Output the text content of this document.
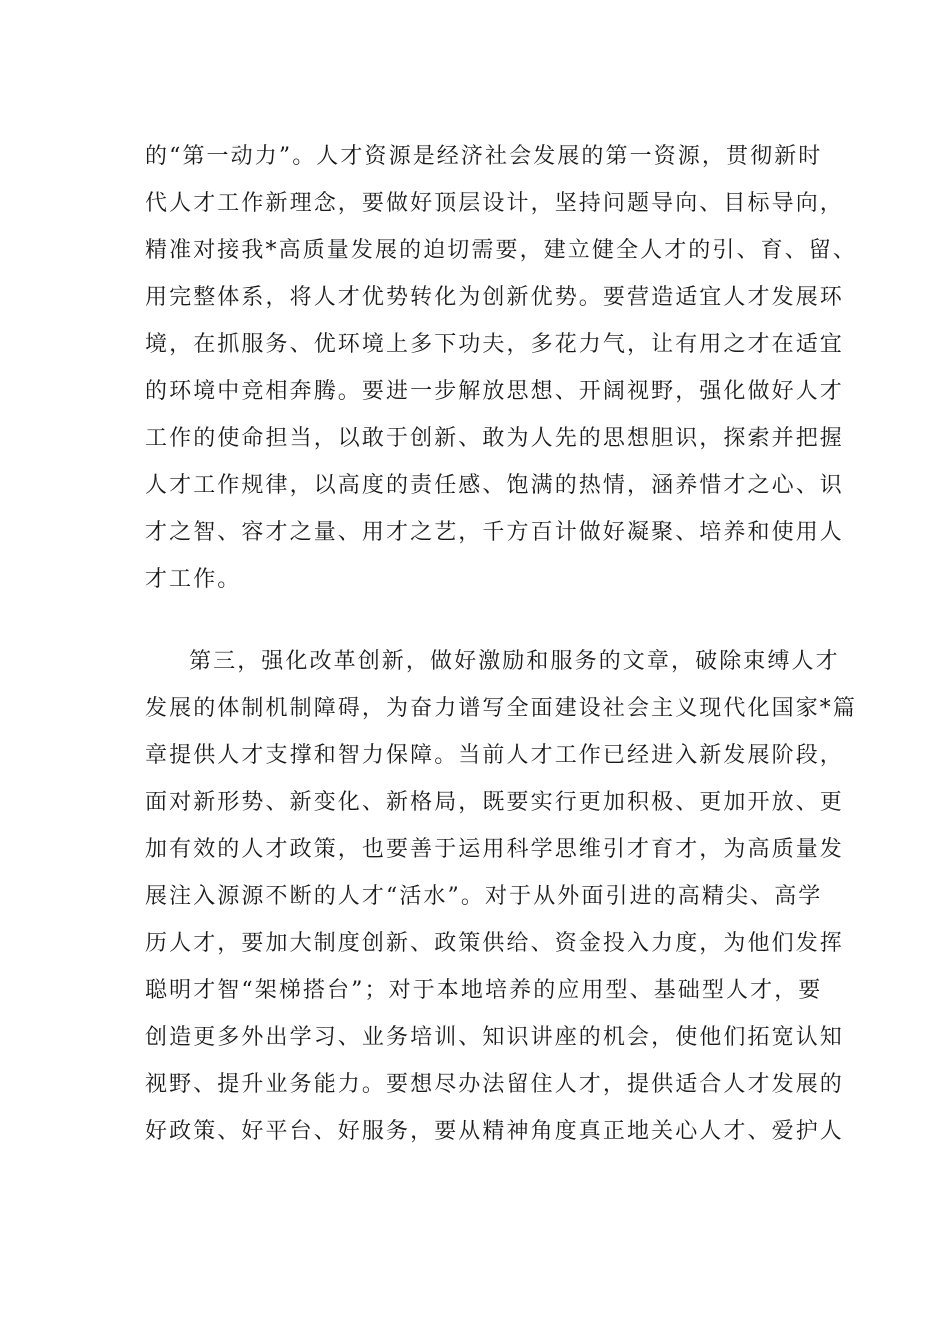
的“第一动力”。人才资源是经济社会发展的第一资源，贯彻新时
代人才工作新理念，要做好顶层设计，坚持问题导向、目标导向，
精准对接我*高质量发展的迫切需要，建立健全人才的引、育、留、
用完整体系，将人才优势转化为创新优势。要营造适宜人才发展环
境，在抓服务、优环境上多下功夫，多花力气，让有用之才在适宜
的环境中竞相奔腾。要进一步解放思想、开阔视野，强化做好人才
工作的使命担当，以敢于创新、敢为人先的思想胆识，探索并把握
人才工作规律，以高度的责任感、饱满的热情，涵养惜才之心、识
才之智、容才之量、用才之艺，千方百计做好凝聚、培养和使用人
才工作。
第三，强化改革创新，做好激励和服务的文章，破除束缚人才
发展的体制机制障碍，为奋力谱写全面建设社会主义现代化国家*篇
章提供人才支撑和智力保障。当前人才工作已经进入新发展阶段，
面对新形势、新变化、新格局，既要实行更加积极、更加开放、更
加有效的人才政策，也要善于运用科学思维引才育才，为高质量发
展注入源源不断的人才“活水”。对于从外面引进的高精尖、高学
历人才，要加大制度创新、政策供给、资金投入力度，为他们发挥
聪明才智“架梯搭台”；对于本地培养的应用型、基础型人才，要
创造更多外出学习、业务培训、知识讲座的机会，使他们拓宽认知
视野、提升业务能力。要想尽办法留住人才，提供适合人才发展的
好政策、好平台、好服务，要从精神角度真正地关心人才、爱护人
